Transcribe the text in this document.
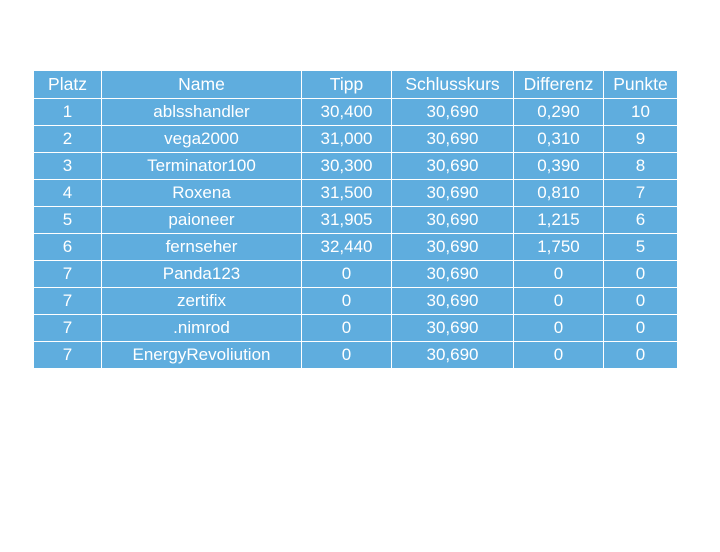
Platz	Name	Tipp	Schlusskurs	Differenz	Punkte
1	ablsshandler	30,400	30,690	0,290	10
2	vega2000	31,000	30,690	0,310	9
3	Terminator100	30,300	30,690	0,390	8
4	Roxena	31,500	30,690	0,810	7
5	paioneer	31,905	30,690	1,215	6
6	fernseher	32,440	30,690	1,750	5
7	Panda123	0	30,690	0	0
7	zertifix	0	30,690	0	0
7	.nimrod	0	30,690	0	0
7	EnergyRevoliution	0	30,690	0	0
